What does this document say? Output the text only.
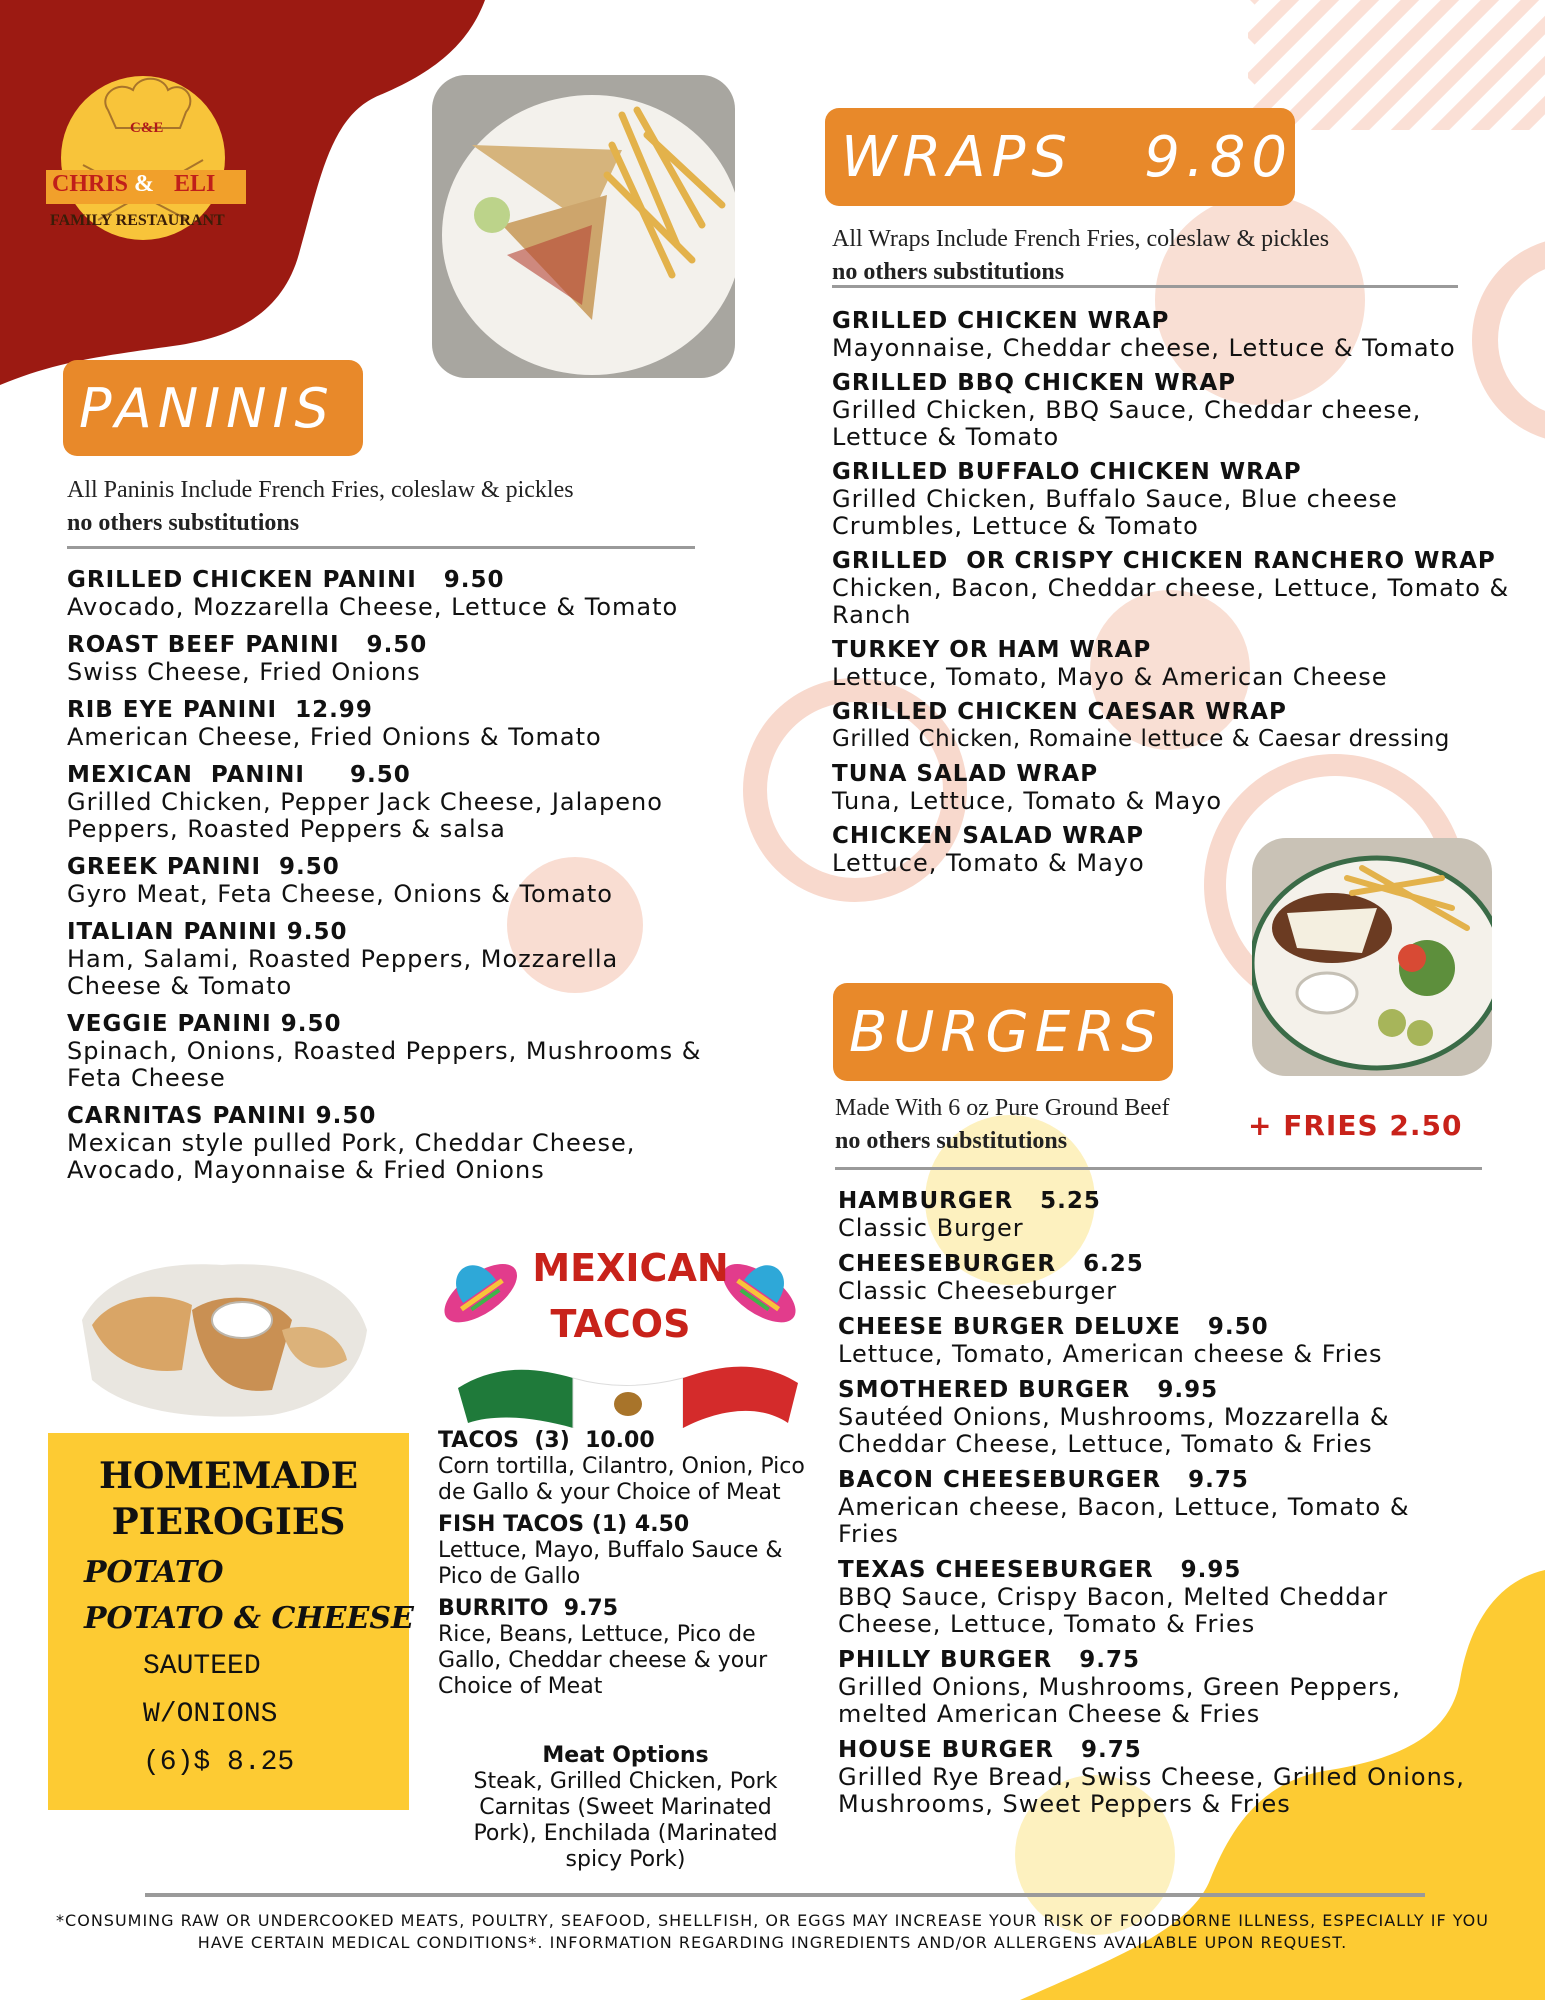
C&E
CHRIS & ELI
FAMILY RESTAURANT
PANINIS
All Paninis Include French Fries, coleslaw & pickles
no others substitutions
GRILLED CHICKEN PANINI   9.50
Avocado, Mozzarella Cheese, Lettuce & Tomato
ROAST BEEF PANINI   9.50
Swiss Cheese, Fried Onions
RIB EYE PANINI  12.99
American Cheese, Fried Onions & Tomato
MEXICAN  PANINI     9.50
Grilled Chicken, Pepper Jack Cheese, Jalapeno Peppers, Roasted Peppers & salsa
GREEK PANINI  9.50
Gyro Meat, Feta Cheese, Onions & Tomato
ITALIAN PANINI 9.50
Ham, Salami, Roasted Peppers, Mozzarella Cheese & Tomato
VEGGIE PANINI 9.50
Spinach, Onions, Roasted Peppers, Mushrooms & Feta Cheese
CARNITAS PANINI 9.50
Mexican style pulled Pork, Cheddar Cheese, Avocado, Mayonnaise & Fried Onions
WRAPS   9.80
All Wraps Include French Fries, coleslaw & pickles
no others substitutions
GRILLED CHICKEN WRAP
Mayonnaise, Cheddar cheese, Lettuce & Tomato
GRILLED BBQ CHICKEN WRAP
Grilled Chicken, BBQ Sauce, Cheddar cheese, Lettuce & Tomato
GRILLED BUFFALO CHICKEN WRAP
Grilled Chicken, Buffalo Sauce, Blue cheese Crumbles, Lettuce & Tomato
GRILLED  OR CRISPY CHICKEN RANCHERO WRAP
Chicken, Bacon, Cheddar cheese, Lettuce, Tomato & Ranch
TURKEY OR HAM WRAP
Lettuce, Tomato, Mayo & American Cheese
GRILLED CHICKEN CAESAR WRAP
Grilled Chicken, Romaine lettuce & Caesar dressing
TUNA SALAD WRAP
Tuna, Lettuce, Tomato & Mayo
CHICKEN SALAD WRAP
Lettuce, Tomato & Mayo
BURGERS
Made With 6 oz Pure Ground Beef
no others substitutions	+ FRIES 2.50
HAMBURGER   5.25
Classic Burger
CHEESEBURGER   6.25
Classic Cheeseburger
CHEESE BURGER DELUXE   9.50
Lettuce, Tomato, American cheese & Fries
SMOTHERED BURGER   9.95
Sautéed Onions, Mushrooms, Mozzarella & Cheddar Cheese, Lettuce, Tomato & Fries
BACON CHEESEBURGER   9.75
American cheese, Bacon, Lettuce, Tomato & Fries
TEXAS CHEESEBURGER   9.95
BBQ Sauce, Crispy Bacon, Melted Cheddar Cheese, Lettuce, Tomato & Fries
PHILLY BURGER   9.75
Grilled Onions, Mushrooms, Green Peppers, melted American Cheese & Fries
HOUSE BURGER   9.75
Grilled Rye Bread, Swiss Cheese, Grilled Onions, Mushrooms, Sweet Peppers & Fries
HOMEMADE
PIEROGIES
POTATO
POTATO & CHEESE
SAUTEED
W/ONIONS
(6)$ 8.25
MEXICAN
TACOS
TACOS  (3)  10.00
Corn tortilla, Cilantro, Onion, Pico de Gallo & your Choice of Meat
FISH TACOS (1) 4.50
Lettuce, Mayo, Buffalo Sauce & Pico de Gallo
BURRITO  9.75
Rice, Beans, Lettuce, Pico de Gallo, Cheddar cheese & your Choice of Meat
Meat Options
Steak, Grilled Chicken, Pork Carnitas (Sweet Marinated Pork), Enchilada (Marinated spicy Pork)
*CONSUMING RAW OR UNDERCOOKED MEATS, POULTRY, SEAFOOD, SHELLFISH, OR EGGS MAY INCREASE YOUR RISK OF FOODBORNE ILLNESS, ESPECIALLY IF YOU HAVE CERTAIN MEDICAL CONDITIONS*. INFORMATION REGARDING INGREDIENTS AND/OR ALLERGENS AVAILABLE UPON REQUEST.
